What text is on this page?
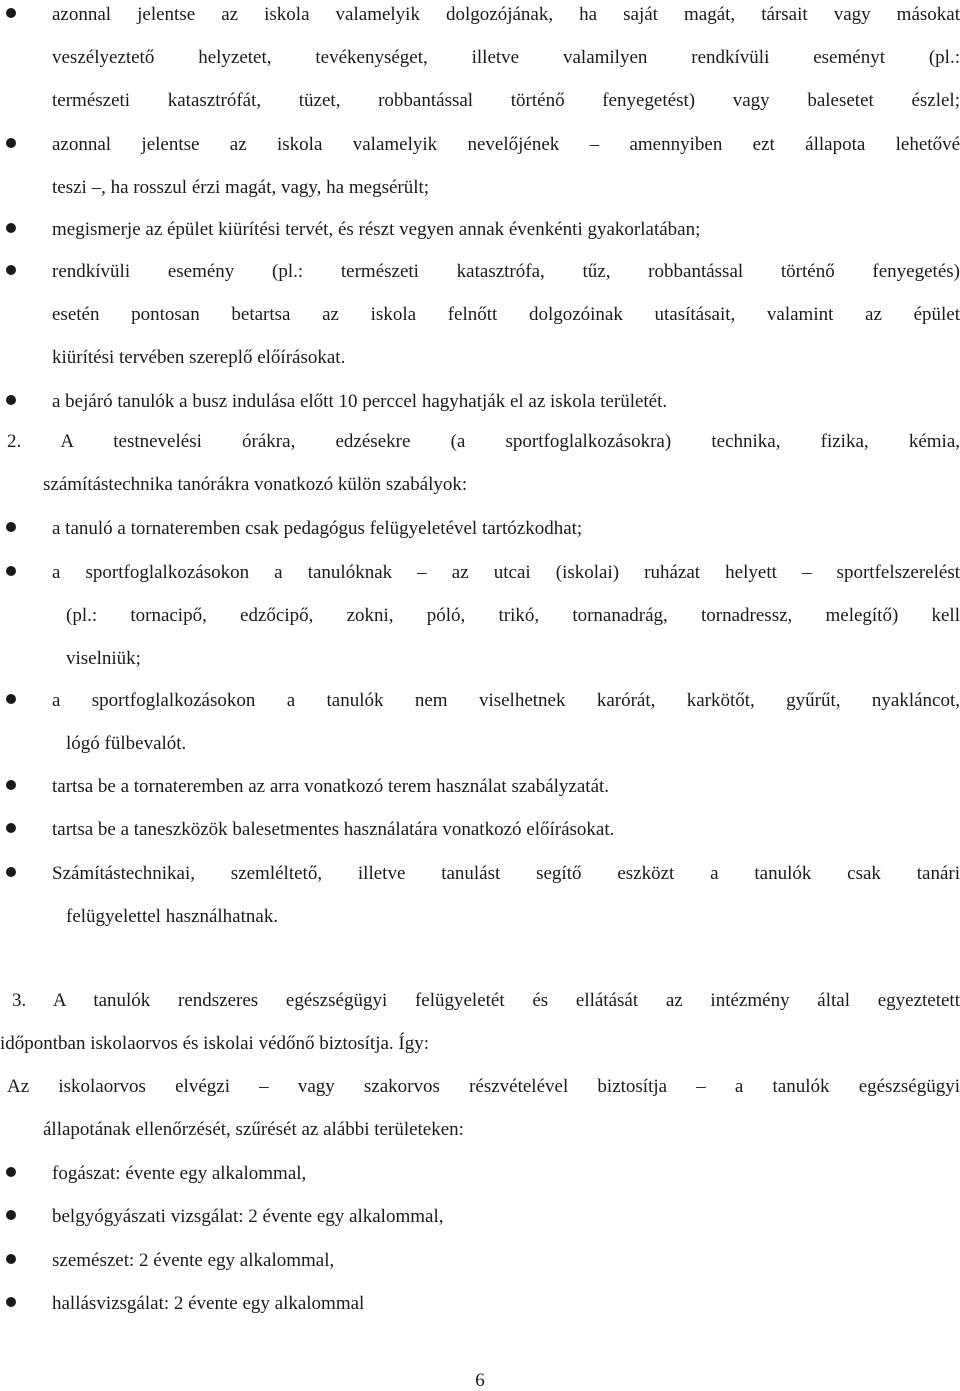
azonnal jelentse az iskola valamelyik dolgozójának, ha saját magát, társait vagy másokat
veszélyeztető helyzetet, tevékenységet, illetve valamilyen rendkívüli eseményt (pl.:
természeti katasztrófát, tüzet, robbantással történő fenyegetést) vagy balesetet észlel;
azonnal jelentse az iskola valamelyik nevelőjének – amennyiben ezt állapota lehetővé
teszi –, ha rosszul érzi magát, vagy, ha megsérült;
megismerje az épület kiürítési tervét, és részt vegyen annak évenkénti gyakorlatában;
rendkívüli esemény (pl.: természeti katasztrófa, tűz, robbantással történő fenyegetés)
esetén pontosan betartsa az iskola felnőtt dolgozóinak utasításait, valamint az épület
kiürítési tervében szereplő előírásokat.
a bejáró tanulók a busz indulása előtt 10 perccel hagyhatják el az iskola területét.
2. A testnevelési órákra, edzésekre (a sportfoglalkozásokra) technika, fizika, kémia,
számítástechnika tanórákra vonatkozó külön szabályok:
a tanuló a tornateremben csak pedagógus felügyeletével tartózkodhat;
a sportfoglalkozásokon a tanulóknak – az utcai (iskolai) ruházat helyett – sportfelszerelést
(pl.: tornacipő, edzőcipő, zokni, póló, trikó, tornanadrág, tornadressz, melegítő) kell
viselniük;
a sportfoglalkozásokon a tanulók nem viselhetnek karórát, karkötőt, gyűrűt, nyakláncot,
lógó fülbevalót.
tartsa be a tornateremben az arra vonatkozó terem használat szabályzatát.
tartsa be a taneszközök balesetmentes használatára vonatkozó előírásokat.
Számítástechnikai, szemléltető, illetve tanulást segítő eszközt a tanulók csak tanári
felügyelettel használhatnak.
3. A tanulók rendszeres egészségügyi felügyeletét és ellátását az intézmény által egyeztetett
időpontban iskolaorvos és iskolai védőnő biztosítja. Így:
Az iskolaorvos elvégzi – vagy szakorvos részvételével biztosítja – a tanulók egészségügyi
állapotának ellenőrzését, szűrését az alábbi területeken:
fogászat: évente egy alkalommal,
belgyógyászati vizsgálat: 2 évente egy alkalommal,
szemészet: 2 évente egy alkalommal,
hallásvizsgálat: 2 évente egy alkalommal
6
